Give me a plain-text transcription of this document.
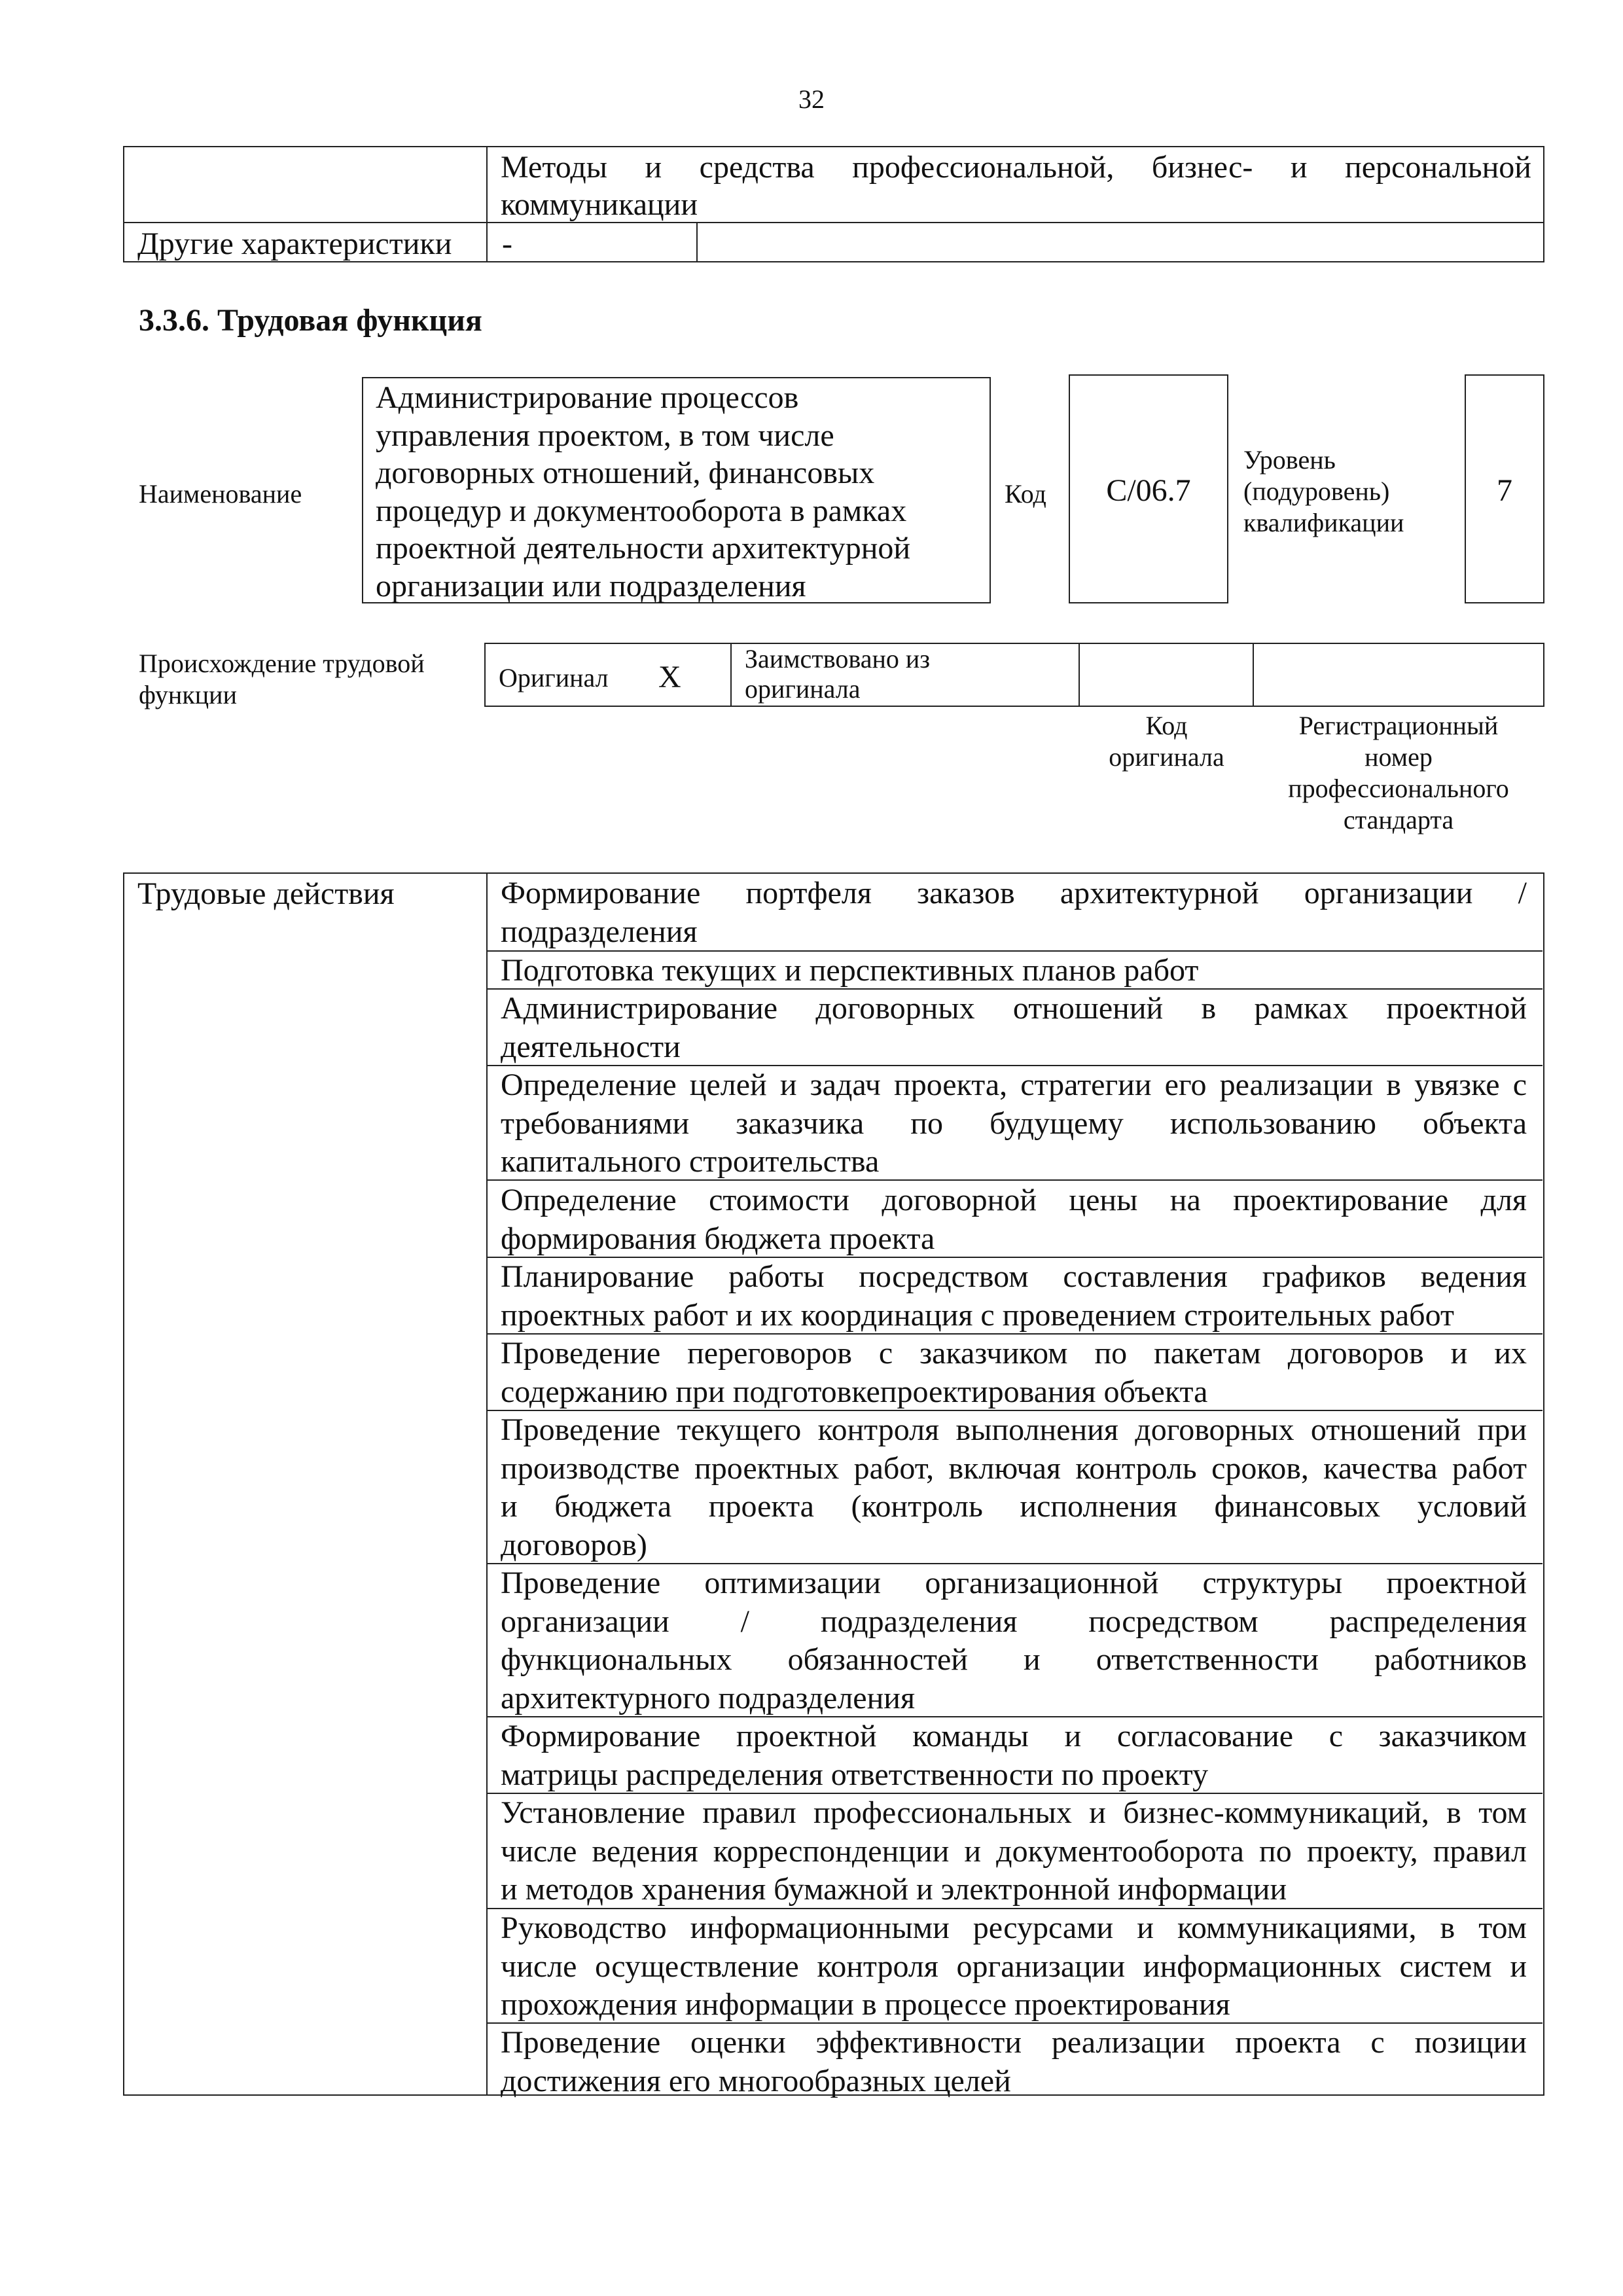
32
Методы и средства профессиональной, бизнес- и персональной
коммуникации
Другие характеристики -
3.3.6. Трудовая функция
Наименование
Администрирование процессов
управления проектом, в том числе
договорных отношений, финансовых
процедур и документооборота в рамках
проектной деятельности архитектурной
организации или подразделения
Код	С/06.7
Уровень
(подуровень)
квалификации
7
Происхождение трудовой
функции
Оригинал X
Заимствовано из
оригинала
Код
оригинала
Регистрационный
номер
профессионального
стандарта
Трудовые действия	Формирование портфеля заказов архитектурной организации /
подразделения
Подготовка текущих и перспективных планов работ
Администрирование договорных отношений в рамках проектной
деятельности
Определение целей и задач проекта, стратегии его реализации в увязке с
требованиями заказчика по будущему использованию объекта
капитального строительства
Определение стоимости договорной цены на проектирование для
формирования бюджета проекта
Планирование работы посредством составления графиков ведения
проектных работ и их координация с проведением строительных работ
Проведение переговоров с заказчиком по пакетам договоров и их
содержанию при подготовкепроектирования объекта
Проведение текущего контроля выполнения договорных отношений при
производстве проектных работ, включая контроль сроков, качества работ
и бюджета проекта (контроль исполнения финансовых условий
договоров)
Проведение оптимизации организационной структуры проектной
организации / подразделения посредством распределения
функциональных обязанностей и ответственности работников
архитектурного подразделения
Формирование проектной команды и согласование с заказчиком
матрицы распределения ответственности по проекту
Установление правил профессиональных и бизнес-коммуникаций, в том
числе ведения корреспонденции и документооборота по проекту, правил
и методов хранения бумажной и электронной информации
Руководство информационными ресурсами и коммуникациями, в том
числе осуществление контроля организации информационных систем и
прохождения информации в процессе проектирования
Проведение оценки эффективности реализации проекта с позиции
достижения его многообразных целей
